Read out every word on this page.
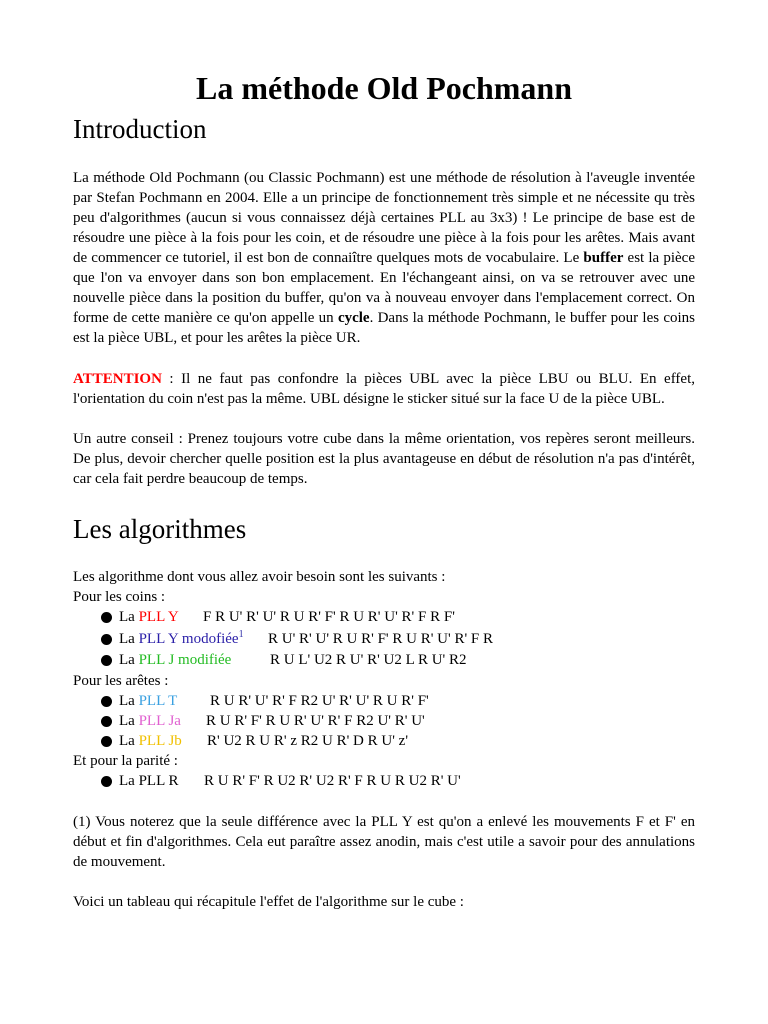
La méthode Old Pochmann
Introduction
La méthode Old Pochmann (ou Classic Pochmann) est une méthode de résolution à l'aveugle inventée par Stefan Pochmann en 2004. Elle a un principe de fonctionnement très simple et ne nécessite qu très peu d'algorithmes (aucun si vous connaissez déjà certaines PLL au 3x3) ! Le principe de base est de résoudre une pièce à la fois pour les coin, et de résoudre une pièce à la fois pour les arêtes. Mais avant de commencer ce tutoriel, il est bon de connaiître quelques mots de vocabulaire. Le buffer est la pièce que l'on va envoyer dans son bon emplacement. En l'échangeant ainsi, on va se retrouver avec une nouvelle pièce dans la position du buffer, qu'on va à nouveau envoyer dans l'emplacement correct. On forme de cette manière ce qu'on appelle un cycle. Dans la méthode Pochmann, le buffer pour les coins est la pièce UBL, et pour les arêtes la pièce UR.
ATTENTION : Il ne faut pas confondre la pièces UBL avec la pièce LBU ou BLU. En effet, l'orientation du coin n'est pas la même. UBL désigne le sticker situé sur la face U de la pièce UBL.
Un autre conseil : Prenez toujours votre cube dans la même orientation, vos repères seront meilleurs. De plus, devoir chercher quelle position est la plus avantageuse en début de résolution n'a pas d'intérêt, car cela fait perdre beaucoup de temps.
Les algorithmes
Les algorithme dont vous allez avoir besoin sont les suivants :
Pour les coins :
La PLL Y F R U' R' U' R U R' F' R U R' U' R' F R F'
La PLL Y modofiée$^1$ R U' R' U' R U R' F' R U R' U' R' F R
La PLL J modifiée	R U L' U2 R U' R' U2 L R U' R2
Pour les arêtes :
La PLL T R U R' U' R' F R2 U' R' U' R U R' F'
La PLL Ja R U R' F' R U R' U' R' F R2 U' R' U'
La PLL Jb R' U2 R U R' z R2 U R' D R U' z'
Et pour la parité :
La PLL R R U R' F' R U2 R' U2 R' F R U R U2 R' U'
(1) Vous noterez que la seule différence avec la PLL Y est qu'on a enlevé les mouvements F et F' en début et fin d'algorithmes. Cela eut paraître assez anodin, mais c'est utile a savoir pour des annulations de mouvement.
Voici un tableau qui récapitule l'effet de l'algorithme sur le cube :
